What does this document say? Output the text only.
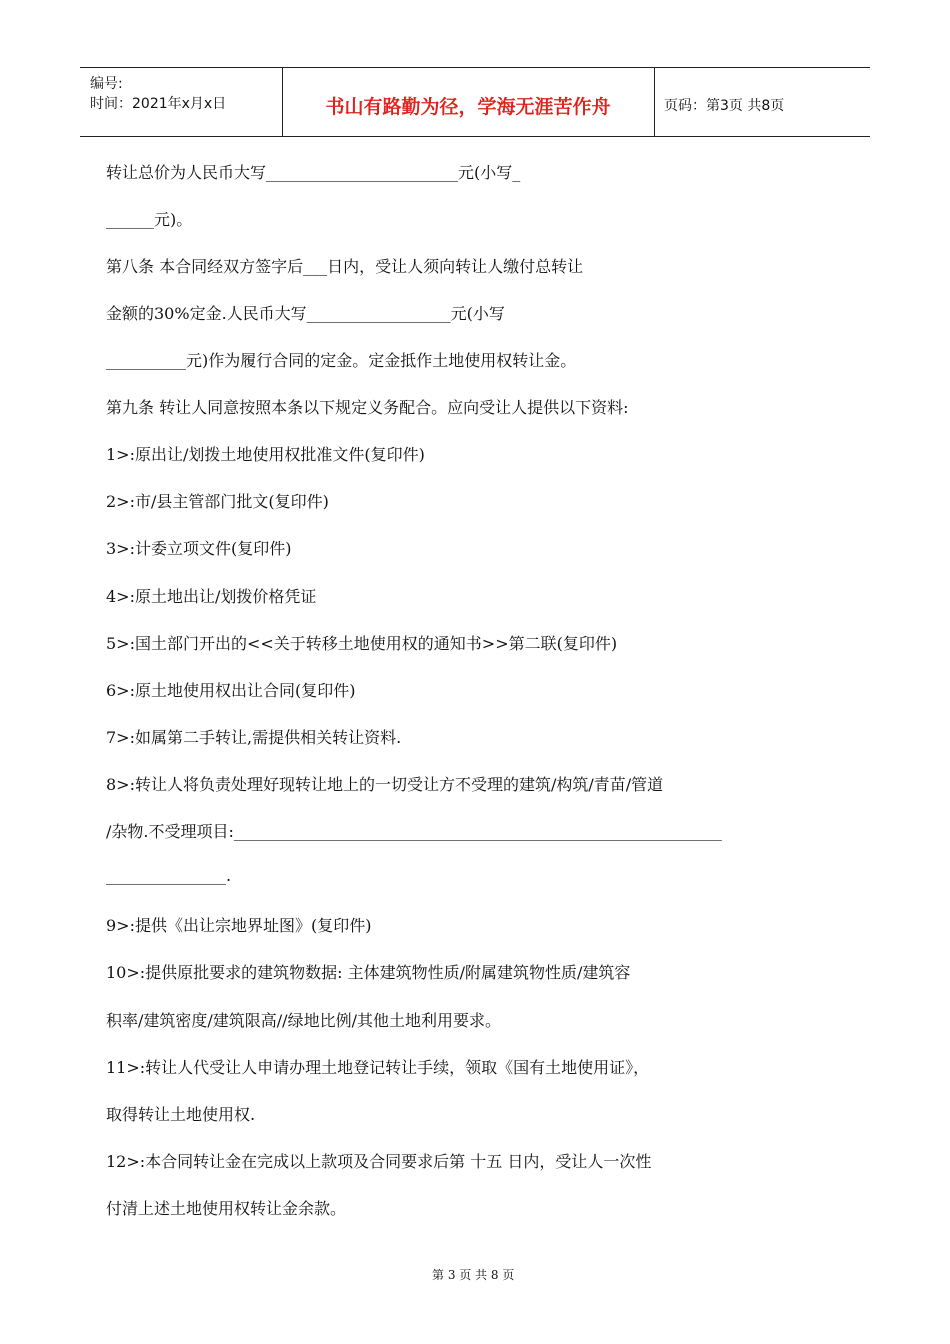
编号:
时间：2021年x月x日	书山有路勤为径，学海无涯苦作舟	页码：第3页 共8页
转让总价为人民币大写________________________元(小写_
______元)。
第八条 本合同经双方签字后___日内，受让人须向转让人缴付总转让
金额的30%定金.人民币大写__________________元(小写
__________元)作为履行合同的定金。定金抵作土地使用权转让金。
第九条 转让人同意按照本条以下规定义务配合。应向受让人提供以下资料:
1>:原出让/划拨土地使用权批准文件(复印件)
2>:市/县主管部门批文(复印件)
3>:计委立项文件(复印件)
4>:原土地出让/划拨价格凭证
5>:国土部门开出的<<关于转移土地使用权的通知书>>第二联(复印件)
6>:原土地使用权出让合同(复印件)
7>:如属第二手转让,需提供相关转让资料.
8>:转让人将负责处理好现转让地上的一切受让方不受理的建筑/构筑/青苗/管道
/杂物.不受理项目:_____________________________________________________________
_______________.
9>:提供《出让宗地界址图》(复印件)
10>:提供原批要求的建筑物数据: 主体建筑物性质/附属建筑物性质/建筑容
积率/建筑密度/建筑限高//绿地比例/其他土地利用要求。
11>:转让人代受让人申请办理土地登记转让手续，领取《国有土地使用证》，
取得转让土地使用权.
12>:本合同转让金在完成以上款项及合同要求后第 十五 日内，受让人一次性
付清上述土地使用权转让金余款。
第 3 页 共 8 页
